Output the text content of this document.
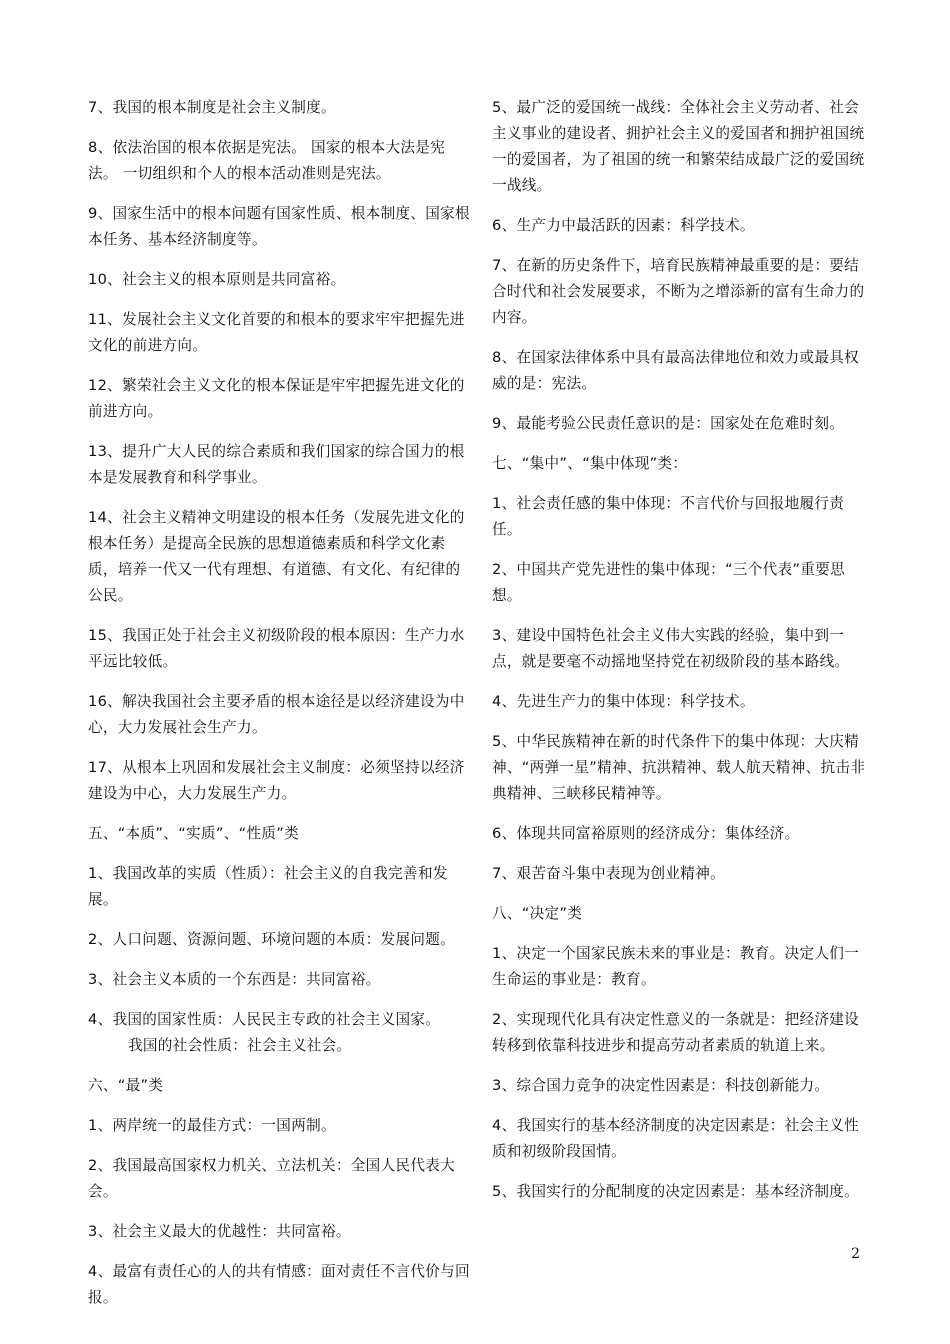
7、我国的根本制度是社会主义制度。

8、依法治国的根本依据是宪法。 国家的根本大法是宪法。 一切组织和个人的根本活动准则是宪法。

9、国家生活中的根本问题有国家性质、根本制度、国家根本任务、基本经济制度等。

10、社会主义的根本原则是共同富裕。

11、发展社会主义文化首要的和根本的要求牢牢把握先进文化的前进方向。

12、繁荣社会主义文化的根本保证是牢牢把握先进文化的前进方向。

13、提升广大人民的综合素质和我们国家的综合国力的根本是发展教育和科学事业。

14、社会主义精神文明建设的根本任务（发展先进文化的根本任务）是提高全民族的思想道德素质和科学文化素质，培养一代又一代有理想、有道德、有文化、有纪律的公民。

15、我国正处于社会主义初级阶段的根本原因：生产力水平远比较低。

16、解决我国社会主要矛盾的根本途径是以经济建设为中心，大力发展社会生产力。

17、从根本上巩固和发展社会主义制度：必须坚持以经济建设为中心，大力发展生产力。

五、“本质”、“实质”、“性质”类

1、我国改革的实质（性质）：社会主义的自我完善和发展。

2、人口问题、资源问题、环境问题的本质：发展问题。

3、社会主义本质的一个东西是：共同富裕。

4、我国的国家性质：人民民主专政的社会主义国家。
我国的社会性质：社会主义社会。

六、“最”类

1、两岸统一的最佳方式：一国两制。

2、我国最高国家权力机关、立法机关：全国人民代表大会。

3、社会主义最大的优越性：共同富裕。

4、最富有责任心的人的共有情感：面对责任不言代价与回报。

5、最广泛的爱国统一战线：全体社会主义劳动者、社会主义事业的建设者、拥护社会主义的爱国者和拥护祖国统一的爱国者，为了祖国的统一和繁荣结成最广泛的爱国统一战线。

6、生产力中最活跃的因素：科学技术。

7、在新的历史条件下，培育民族精神最重要的是：要结合时代和社会发展要求，不断为之增添新的富有生命力的内容。

8、在国家法律体系中具有最高法律地位和效力或最具权威的是：宪法。

9、最能考验公民责任意识的是：国家处在危难时刻。

七、“集中”、“集中体现”类：

1、社会责任感的集中体现：不言代价与回报地履行责任。

2、中国共产党先进性的集中体现：“三个代表”重要思想。

3、建设中国特色社会主义伟大实践的经验，集中到一点，就是要毫不动摇地坚持党在初级阶段的基本路线。

4、先进生产力的集中体现：科学技术。

5、中华民族精神在新的时代条件下的集中体现：大庆精神、“两弹一星”精神、抗洪精神、载人航天精神、抗击非典精神、三峡移民精神等。

6、体现共同富裕原则的经济成分：集体经济。

7、艰苦奋斗集中表现为创业精神。

八、“决定”类

1、决定一个国家民族未来的事业是：教育。决定人们一生命运的事业是：教育。

2、实现现代化具有决定性意义的一条就是：把经济建设转移到依靠科技进步和提高劳动者素质的轨道上来。

3、综合国力竞争的决定性因素是：科技创新能力。

4、我国实行的基本经济制度的决定因素是：社会主义性质和初级阶段国情。

5、我国实行的分配制度的决定因素是：基本经济制度。

2
